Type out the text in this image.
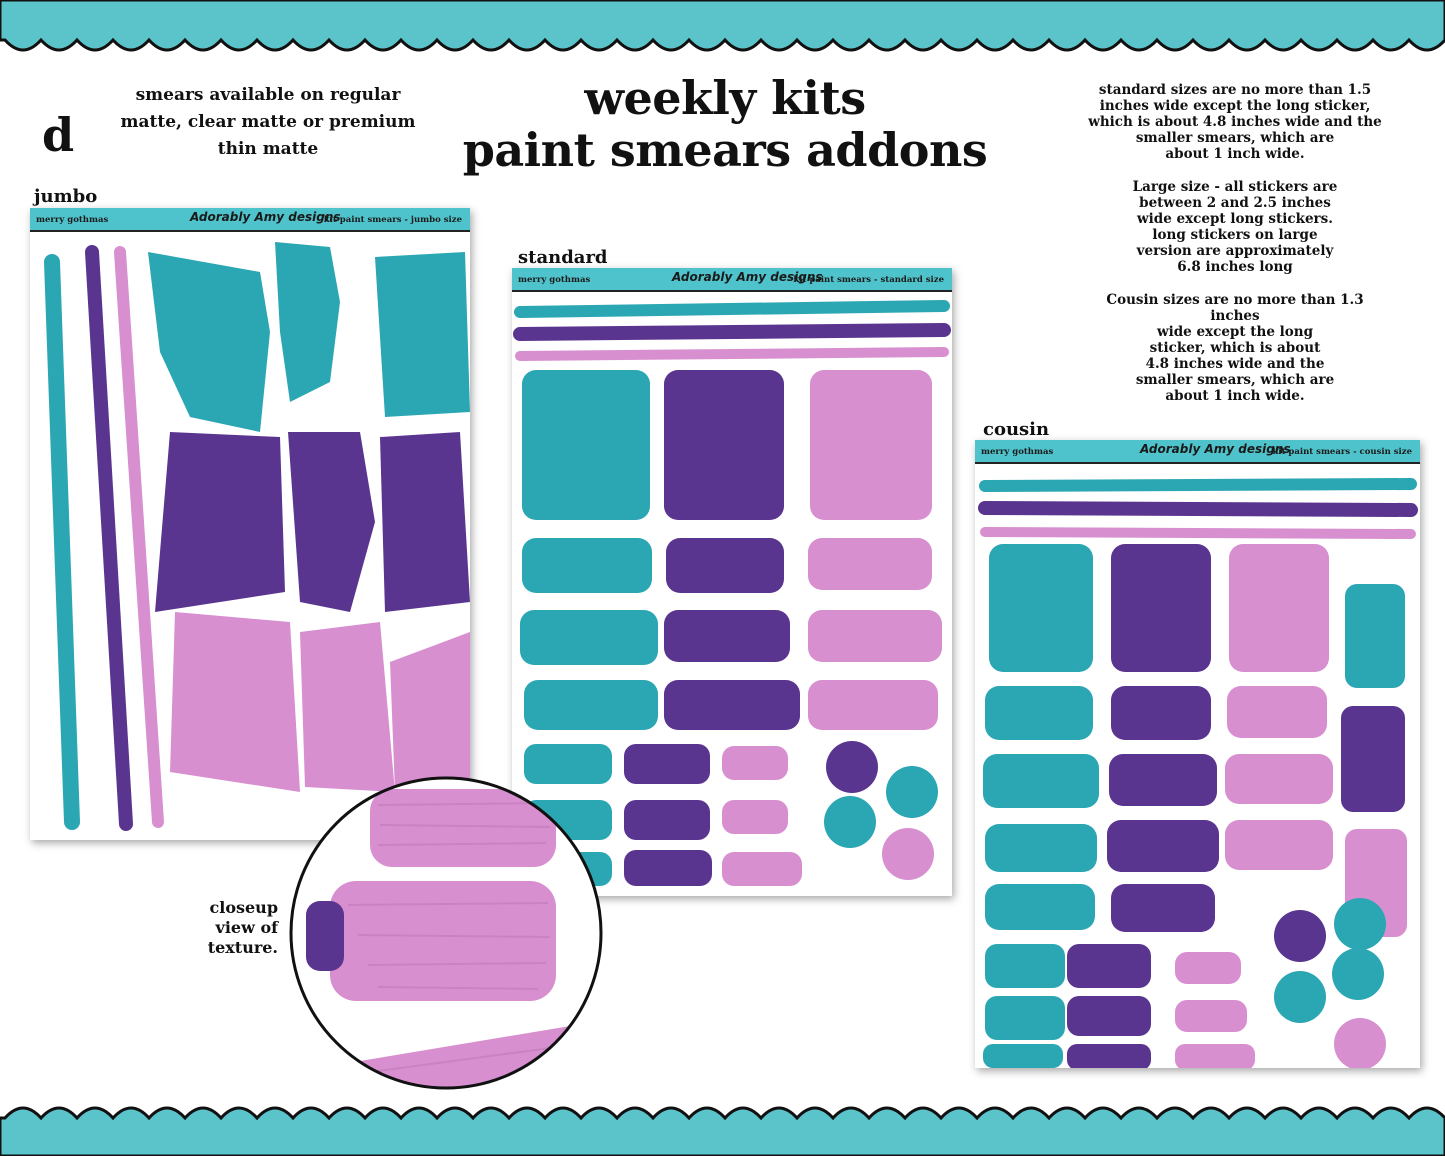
d
smears available on regular matte, clear matte or premium thin matte
weekly kits
paint smears addons

standard sizes are no more than 1.5
inches wide except the long sticker,
which is about 4.8 inches wide and the
smaller smears, which are
about 1 inch wide.

Large size - all stickers are
between 2 and 2.5 inches
wide except long stickers.
long stickers on large
version are approximately
6.8 inches long

Cousin sizes are no more than 1.3 inches
wide except the long
sticker, which is about
4.8 inches wide and the
smaller smears, which are
about 1 inch wide.

jumbo
merry gothmas	Adorably Amy designs
kit paint smears - jumbo size
standard
merry gothmas	Adorably Amy designs
kit paint smears - standard size
cousin
merry gothmas	Adorably Amy designs
kit paint smears - cousin size
closeup
view of
texture.
